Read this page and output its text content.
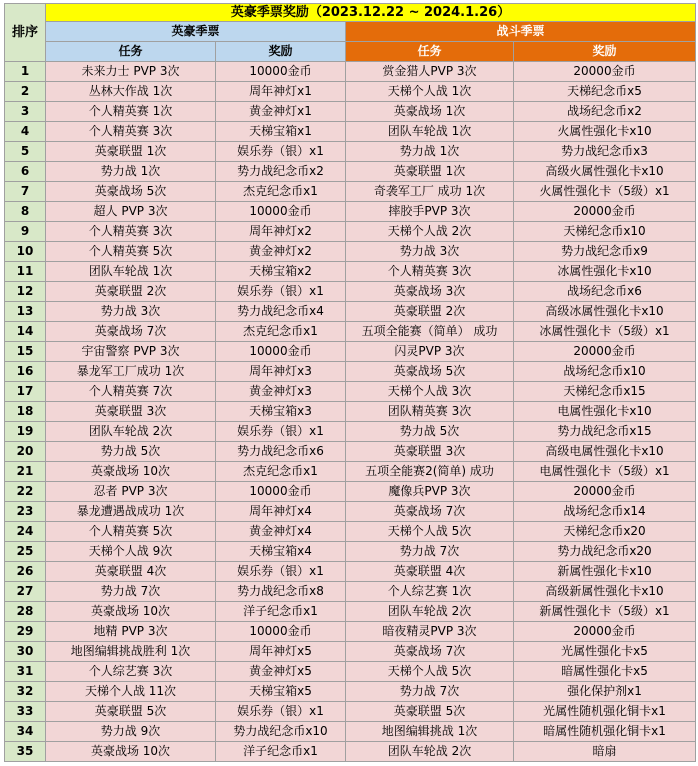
排序	英豪季票奖励（2023.12.22 ~ 2024.1.26）			
	英豪季票		战斗季票	
	任务	奖励	任务	奖励
1	未来力士 PVP 3次	10000金币	赏金猎人PVP 3次	20000金币
2	丛林大作战 1次	周年神灯x1	天梯个人战 1次	天梯纪念币x5
3	个人精英赛 1次	黄金神灯x1	英豪战场 1次	战场纪念币x2
4	个人精英赛 3次	天梯宝箱x1	团队车轮战 1次	火属性强化卡x10
5	英豪联盟 1次	娱乐券（银）x1	势力战 1次	势力战纪念币x3
6	势力战 1次	势力战纪念币x2	英豪联盟 1次	高级火属性强化卡x10
7	英豪战场 5次	杰克纪念币x1	奇袭军工厂 成功 1次	火属性强化卡（5级）x1
8	超人 PVP 3次	10000金币	摔胶手PVP 3次	20000金币
9	个人精英赛 3次	周年神灯x2	天梯个人战 2次	天梯纪念币x10
10	个人精英赛 5次	黄金神灯x2	势力战 3次	势力战纪念币x9
11	团队车轮战 1次	天梯宝箱x2	个人精英赛 3次	冰属性强化卡x10
12	英豪联盟 2次	娱乐券（银）x1	英豪战场 3次	战场纪念币x6
13	势力战 3次	势力战纪念币x4	英豪联盟 2次	高级冰属性强化卡x10
14	英豪战场 7次	杰克纪念币x1	五项全能赛（简单） 成功	冰属性强化卡（5级）x1
15	宇宙警察 PVP 3次	10000金币	闪灵PVP 3次	20000金币
16	暴龙军工厂成功 1次	周年神灯x3	英豪战场 5次	战场纪念币x10
17	个人精英赛 7次	黄金神灯x3	天梯个人战 3次	天梯纪念币x15
18	英豪联盟 3次	天梯宝箱x3	团队精英赛 3次	电属性强化卡x10
19	团队车轮战 2次	娱乐券（银）x1	势力战 5次	势力战纪念币x15
20	势力战 5次	势力战纪念币x6	英豪联盟 3次	高级电属性强化卡x10
21	英豪战场 10次	杰克纪念币x1	五项全能赛2(简单) 成功	电属性强化卡（5级）x1
22	忍者 PVP 3次	10000金币	魔像兵PVP 3次	20000金币
23	暴龙遭遇战成功 1次	周年神灯x4	英豪战场 7次	战场纪念币x14
24	个人精英赛 5次	黄金神灯x4	天梯个人战 5次	天梯纪念币x20
25	天梯个人战 9次	天梯宝箱x4	势力战 7次	势力战纪念币x20
26	英豪联盟 4次	娱乐券（银）x1	英豪联盟 4次	新属性强化卡x10
27	势力战 7次	势力战纪念币x8	个人综艺赛 1次	高级新属性强化卡x10
28	英豪战场 10次	洋子纪念币x1	团队车轮战 2次	新属性强化卡（5级）x1
29	地精 PVP 3次	10000金币	暗夜精灵PVP 3次	20000金币
30	地图编辑挑战胜利 1次	周年神灯x5	英豪战场 7次	光属性强化卡x5
31	个人综艺赛 3次	黄金神灯x5	天梯个人战 5次	暗属性强化卡x5
32	天梯个人战 11次	天梯宝箱x5	势力战 7次	强化保护剂x1
33	英豪联盟 5次	娱乐券（银）x1	英豪联盟 5次	光属性随机强化铜卡x1
34	势力战 9次	势力战纪念币x10	地图编辑挑战 1次	暗属性随机强化铜卡x1
35	英豪战场 10次	洋子纪念币x1	团队车轮战 2次	暗扇
